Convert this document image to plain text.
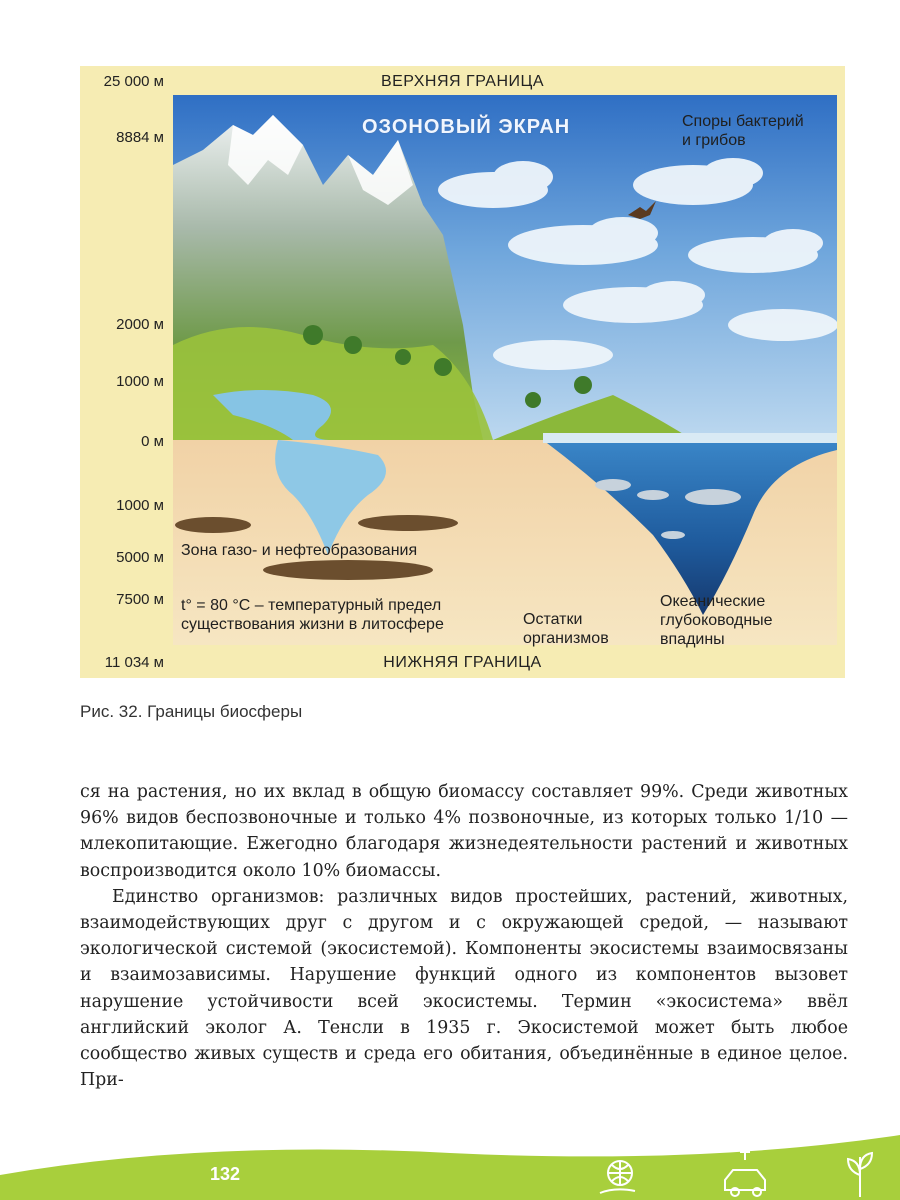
25 000 м
8884 м
2000 м
1000 м
0 м
1000 м
5000 м
7500 м
11 034 м
ВЕРХНЯЯ ГРАНИЦА
НИЖНЯЯ ГРАНИЦА
ОЗОНОВЫЙ ЭКРАН	Споры бактерий
и грибов
Зона газо- и нефтеобразования
t° = 80 °С – температурный предел
существования жизни в литосфере	Остатки
организмов
Океанические
глубоководные
впадины
Рис. 32. Границы биосферы

ся на растения, но их вклад в общую биомассу составляет 99%. Среди животных 96% видов беспозвоночные и только 4% позвоночные, из которых только 1/10 — млекопитающие. Ежегодно благодаря жизнедеятельности растений и животных воспроизводится около 10% биомассы.

Единство организмов: различных видов простейших, растений, животных, взаимодействующих друг с другом и с окружающей средой, — называют экологической системой (экосистемой). Компоненты экосистемы взаимосвязаны и взаимозависимы. Нарушение функций одного из компонентов вызовет нарушение устойчивости всей экосистемы. Термин «экосистема» ввёл английский эколог А. Тенсли в 1935 г. Экосистемой может быть любое сообщество живых существ и среда его обитания, объединённые в единое целое. При-

132
